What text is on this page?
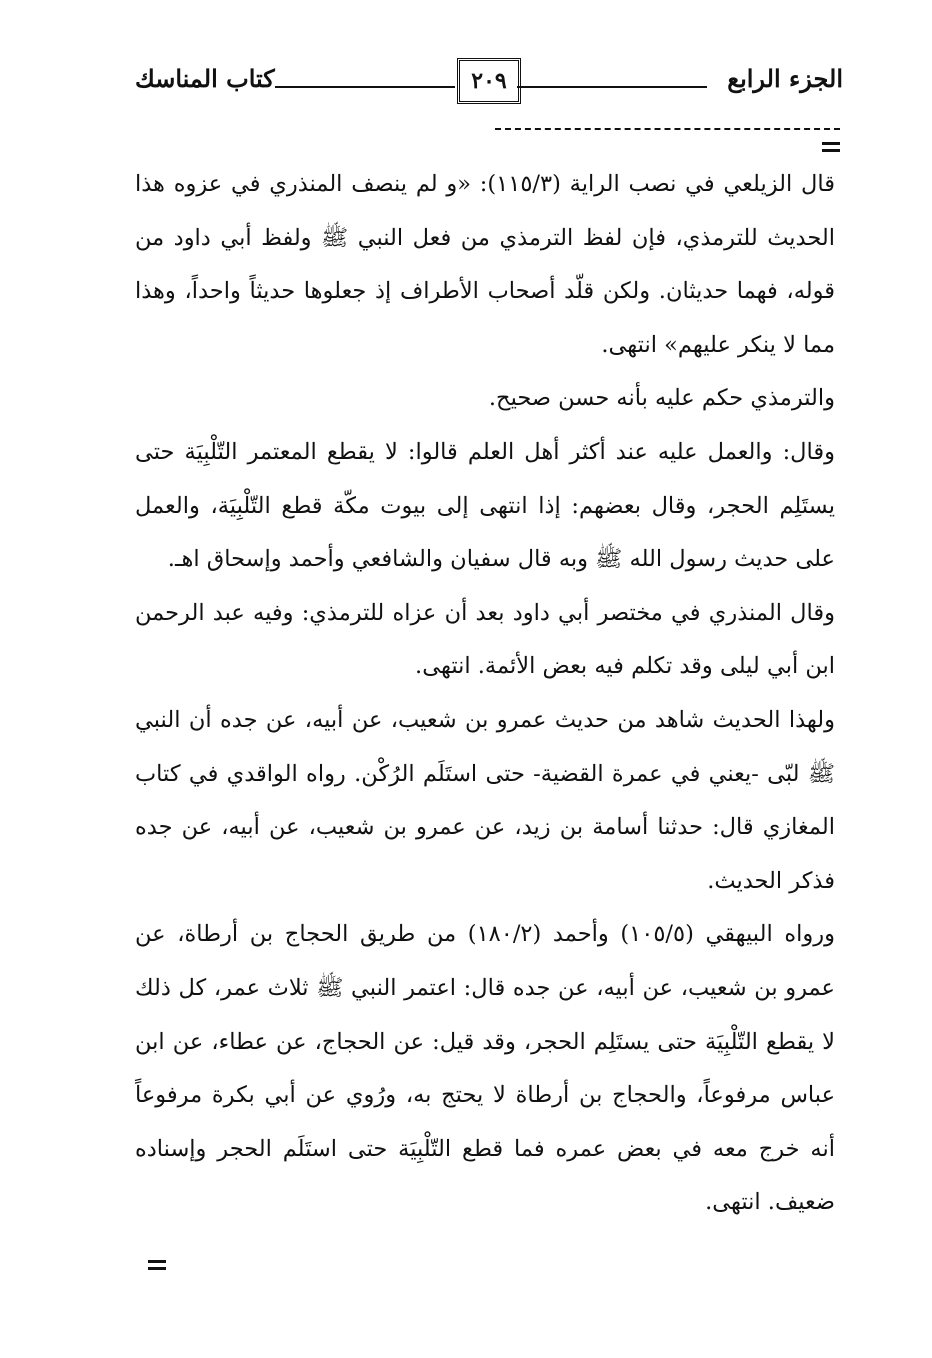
الجزء الرابع
٢٠٩
كتاب المناسك

قال الزيلعي في نصب الراية (١١٥/٣): «و لم ينصف المنذري في عزوه هذا الحديث للترمذي، فإن لفظ الترمذي من فعل النبي ﷺ ولفظ أبي داود من قوله، فهما حديثان. ولكن قلّد أصحاب الأطراف إذ جعلوها حديثاً واحداً، وهذا مما لا ينكر عليهم» انتهى.

والترمذي حكم عليه بأنه حسن صحيح.

وقال: والعمل عليه عند أكثر أهل العلم قالوا: لا يقطع المعتمر التّلْبِيَة حتى يستَلِم الحجر، وقال بعضهم: إذا انتهى إلى بيوت مكّة قطع التّلْبِيَة، والعمل على حديث رسول الله ﷺ وبه قال سفيان والشافعي وأحمد وإسحاق اهـ.

وقال المنذري في مختصر أبي داود بعد أن عزاه للترمذي: وفيه عبد الرحمن ابن أبي ليلى وقد تكلم فيه بعض الأئمة. انتهى.

ولهذا الحديث شاهد من حديث عمرو بن شعيب، عن أبيه، عن جده أن النبي ﷺ لبّى -يعني في عمرة القضية- حتى استَلَم الرُكْن. رواه الواقدي في كتاب المغازي قال: حدثنا أسامة بن زيد، عن عمرو بن شعيب، عن أبيه، عن جده فذكر الحديث.

ورواه البيهقي (١٠٥/٥) وأحمد (١٨٠/٢) من طريق الحجاج بن أرطاة، عن عمرو بن شعيب، عن أبيه، عن جده قال: اعتمر النبي ﷺ ثلاث عمر، كل ذلك لا يقطع التّلْبِيَة حتى يستَلِم الحجر، وقد قيل: عن الحجاج، عن عطاء، عن ابن عباس مرفوعاً، والحجاج بن أرطاة لا يحتج به، ورُوي عن أبي بكرة مرفوعاً أنه خرج معه في بعض عمره فما قطع التّلْبِيَة حتى استَلَم الحجر وإسناده ضعيف. انتهى.
